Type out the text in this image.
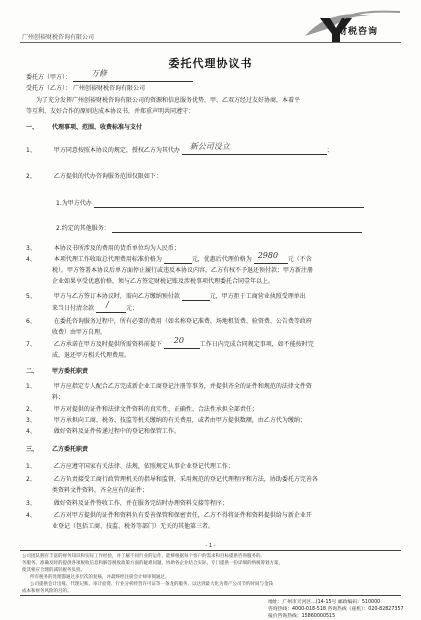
广州创裕财税咨询有限公司
财税咨询
委托代理协议书
委托方（甲方）： 万修
受托方（乙方）： 广州创裕财税咨询有限公司
为了充分发挥广州创裕财税咨询有限公司的资源和信息服务优势，甲、乙双方经过友好协商，本着平
等互利、友好合作的原则达成本协议书，并郑重声明共同遵守：
一、 代理事项、范围、收费标准与支付
1、	甲方同意按照本协议的规定，授权乙方为其代办 新公司设立	；
2、	乙方提供的代办咨询服务范围仅限如下：
1.为甲方代办
2.约定的其他服务：
3、	本协议书所涉及的费用的货币单位均为人民币；
4、	本项代理工作收取总代理费用标准价格为	元，优惠后代理价格为 2980 元（不含
税）。甲方签署本协议后单方面停止履行或违反本协议内容，乙方有权不予退还预付款；甲方新注册
企业如果享受优惠价格，须与乙方签定财税记账及涉税事项代理委托合同壹年以上。
5、	甲方与乙方签订本协议时，需向乙方缴纳预付款	元，甲方拒于工商营业执照受理单出
来当日付清余款 /	元；
6、	在委托咨询服务过程中，所有必要的费用（如名称登记准费、场地租赁费、验资费、公告费等政府
收费）由甲方自理。
7、	乙方承诺在甲方及时提供所需资料前提下 20	工作日内完成合同规定事项，如不能按时完
成，退还甲方相关代理费用。
二、 甲方委托职责
1、	甲方应指定专人配合乙方完成新企业工商登记注册等事务，并提供齐全的证件和规范的法律文件资
料；
2、	甲方对提供的证件和法律文件资料的真实性、正确性、合法性承担全部责任；
3、	甲方承担向工商、税务、技监等机关缴纳的有关费用，或者由甲方提供数额，由乙方代为缴纳；
4、	做好资料及证件传递过程中的登记和保管工作。
三、 乙方委托职责
1、	乙方应遵守国家有关法律、法规，依照规定从事企业登记代理工作；
2、	乙方负责接受工商行政管理机关的指导和监督，采用规范的登记代理程序和方法，协助委托方完善各
类资料文件资料，齐全应有的证件；
3、	做好资料及证件签收工作，并在服务完结时办理资料交接等程序；
4、	乙方对甲方提供的证件和资料负有妥善保管和保密责任，乙方不得将证件和资料提供给与新企业开
业登记（包括工商、技监、税务等部门）无关的其他第三者。
- 1 -
公司团队拥有丰富的财务知识和实际工作经验，并了解不同行业的运作，能够根据每个客户的需求和目标提供咨询服务的。
务服务。准确及时的提供各项税收信息和解答税收政策方面的疑难问题，协助各企业结合实际，专门提供一份详细的纳税筹划方案，
使其相应合理的减轻税务负担。
所有税务的处理都通过多层次的复核，并最终经注册会计师审阅通过。
公司提供会计出账、代理记账、审计验资、行业分析经营许可证等一条龙的服务，以达到最大化为资产公司节约时间与金钱
成本和财务风险的目的。
地址：广州市天河区...(14-15号 邮政编码：510000
咨询热线：4000-018-518 咨询热线（座机）：020-82827357
报价咨询热线：15860000515
